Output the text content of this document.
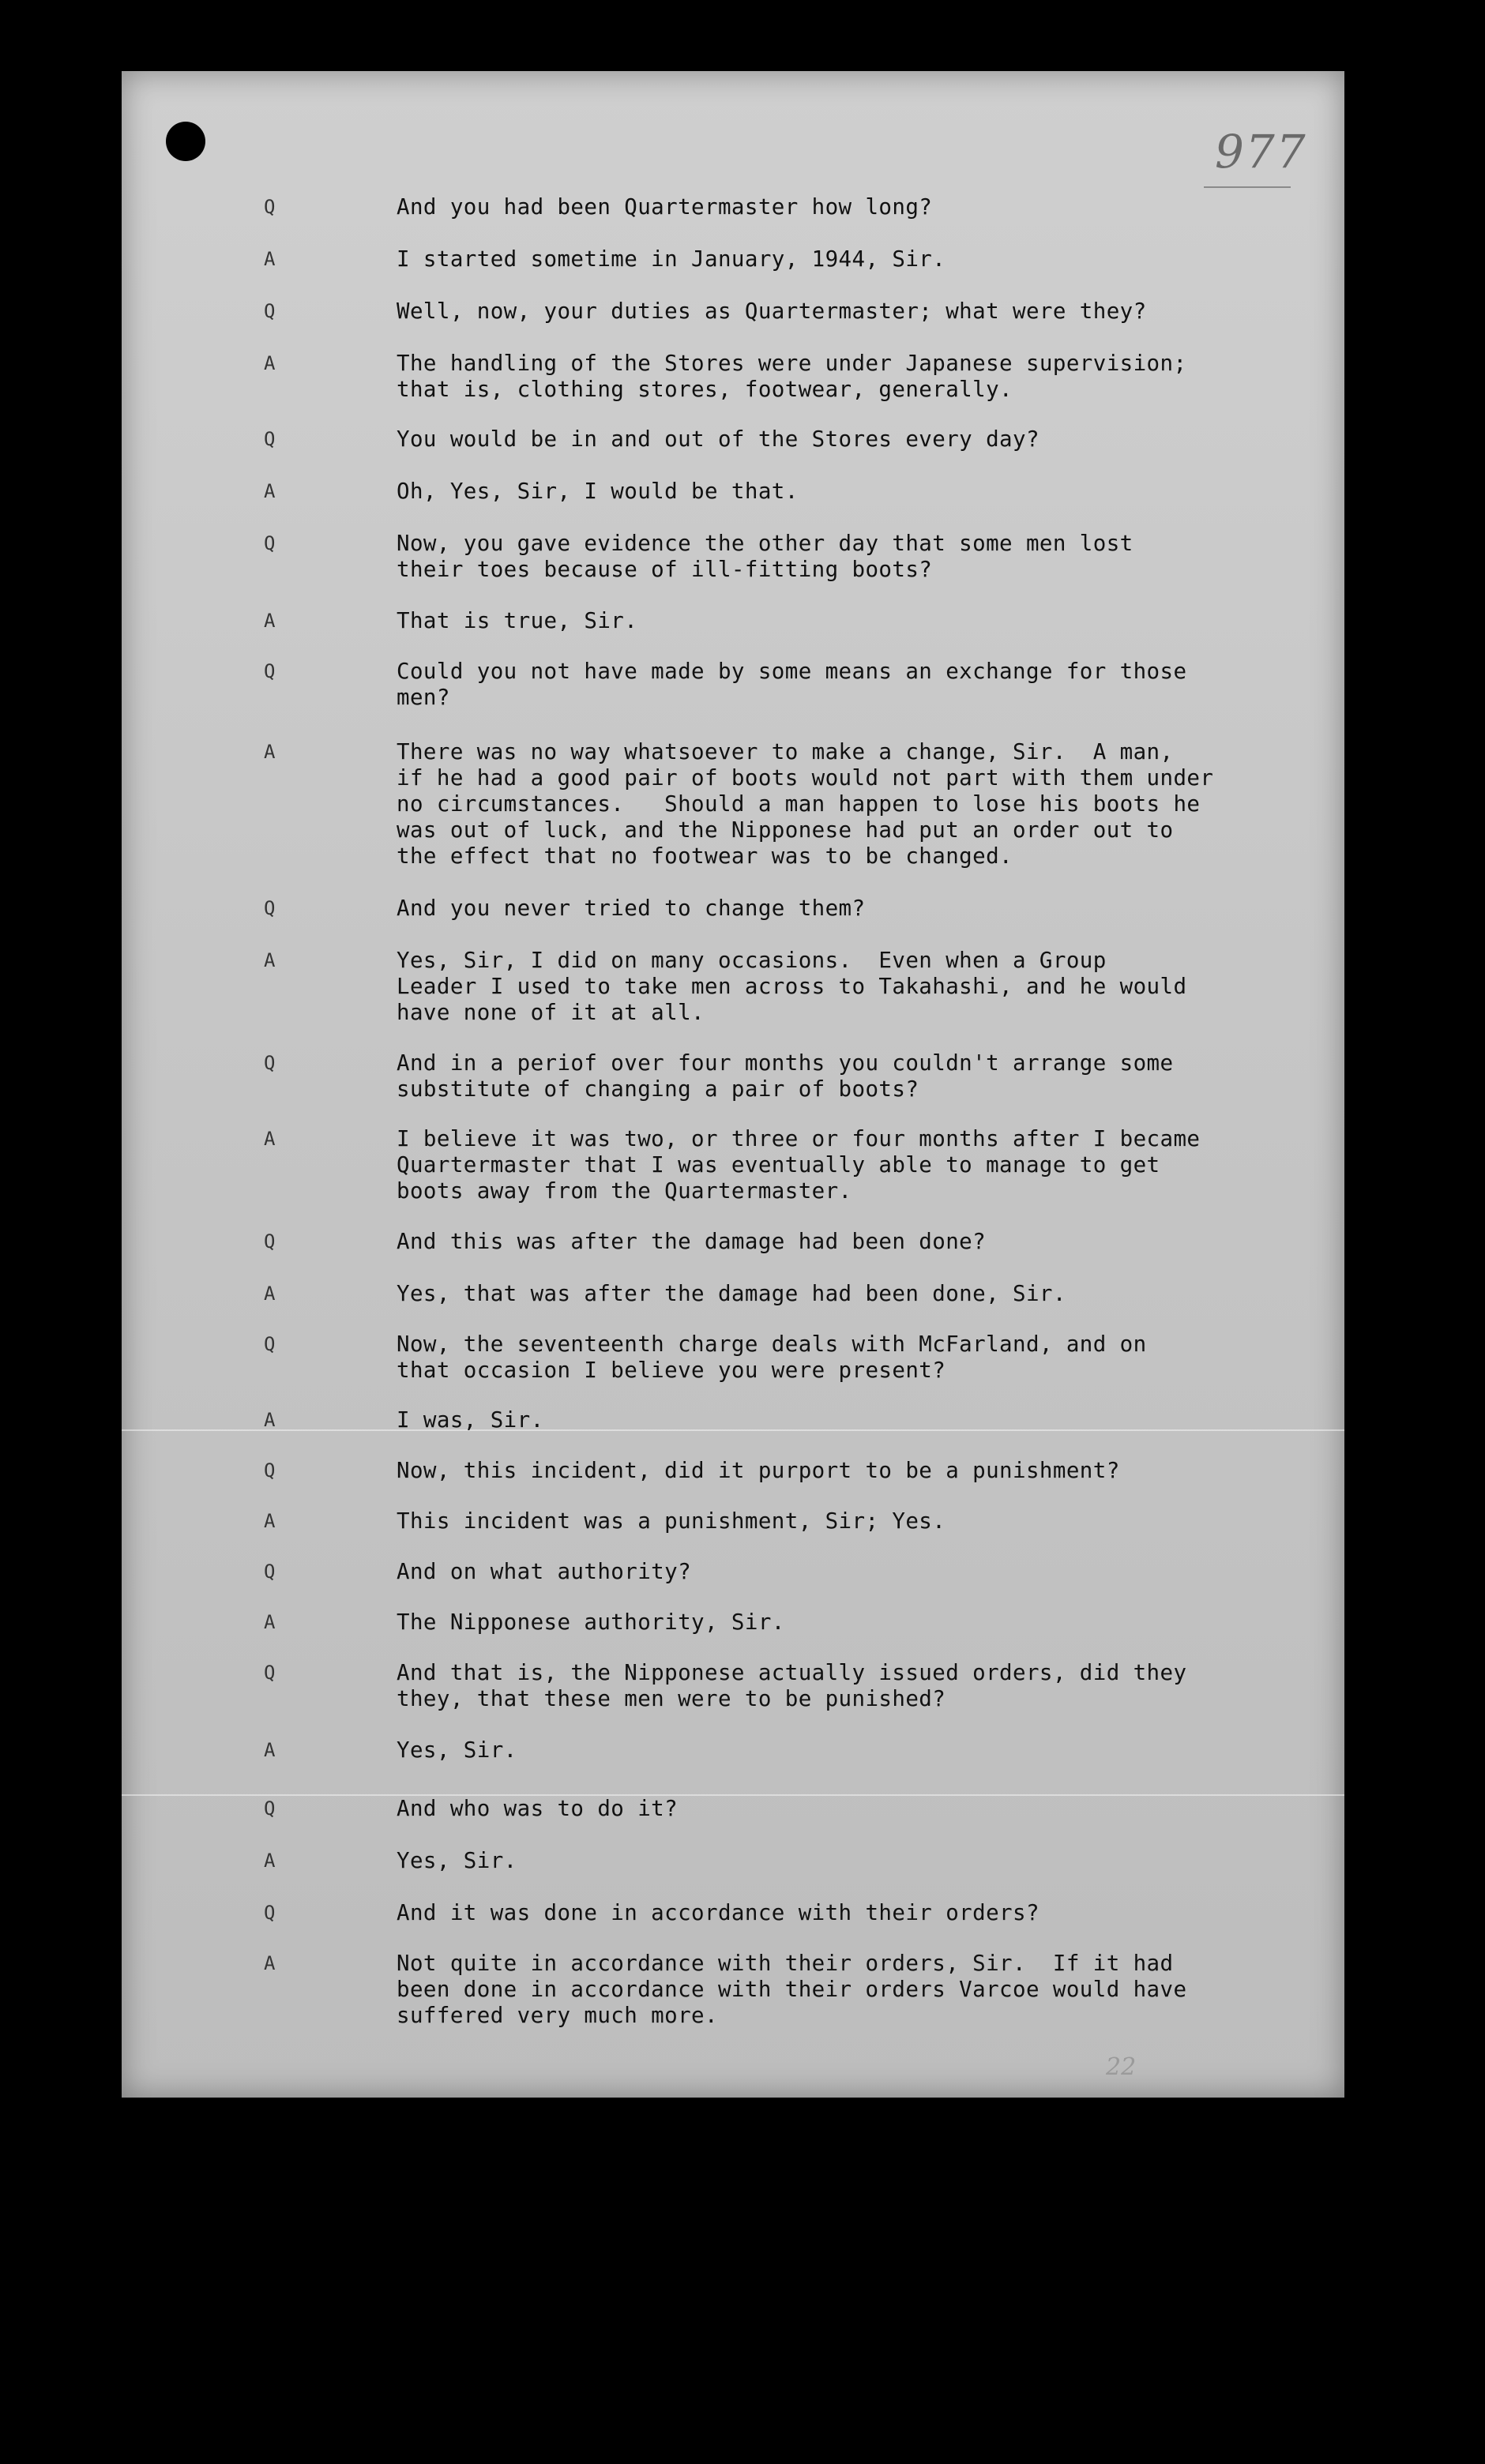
977
Q	And you had been Quartermaster how long?
A	I started sometime in January, 1944, Sir.
Q	Well, now, your duties as Quartermaster; what were they?
A	The handling of the Stores were under Japanese supervision;
that is, clothing stores, footwear, generally.
Q	You would be in and out of the Stores every day?
A	Oh, Yes, Sir, I would be that.
Q	Now, you gave evidence the other day that some men lost
their toes because of ill-fitting boots?
A	That is true, Sir.
Q	Could you not have made by some means an exchange for those
men?
A	There was no way whatsoever to make a change, Sir.  A man,
if he had a good pair of boots would not part with them under
no circumstances.   Should a man happen to lose his boots he
was out of luck, and the Nipponese had put an order out to
the effect that no footwear was to be changed.
Q	And you never tried to change them?
A	Yes, Sir, I did on many occasions.  Even when a Group
Leader I used to take men across to Takahashi, and he would
have none of it at all.
Q	And in a periof over four months you couldn't arrange some
substitute of changing a pair of boots?
A	I believe it was two, or three or four months after I became
Quartermaster that I was eventually able to manage to get
boots away from the Quartermaster.
Q	And this was after the damage had been done?
A	Yes, that was after the damage had been done, Sir.
Q	Now, the seventeenth charge deals with McFarland, and on
that occasion I believe you were present?
A	I was, Sir.
Q	Now, this incident, did it purport to be a punishment?
A	This incident was a punishment, Sir; Yes.
Q	And on what authority?
A	The Nipponese authority, Sir.
Q	And that is, the Nipponese actually issued orders, did they
they, that these men were to be punished?
A	Yes, Sir.
Q	And who was to do it?
A	Yes, Sir.
Q	And it was done in accordance with their orders?
A	Not quite in accordance with their orders, Sir.  If it had
been done in accordance with their orders Varcoe would have
suffered very much more.
22
